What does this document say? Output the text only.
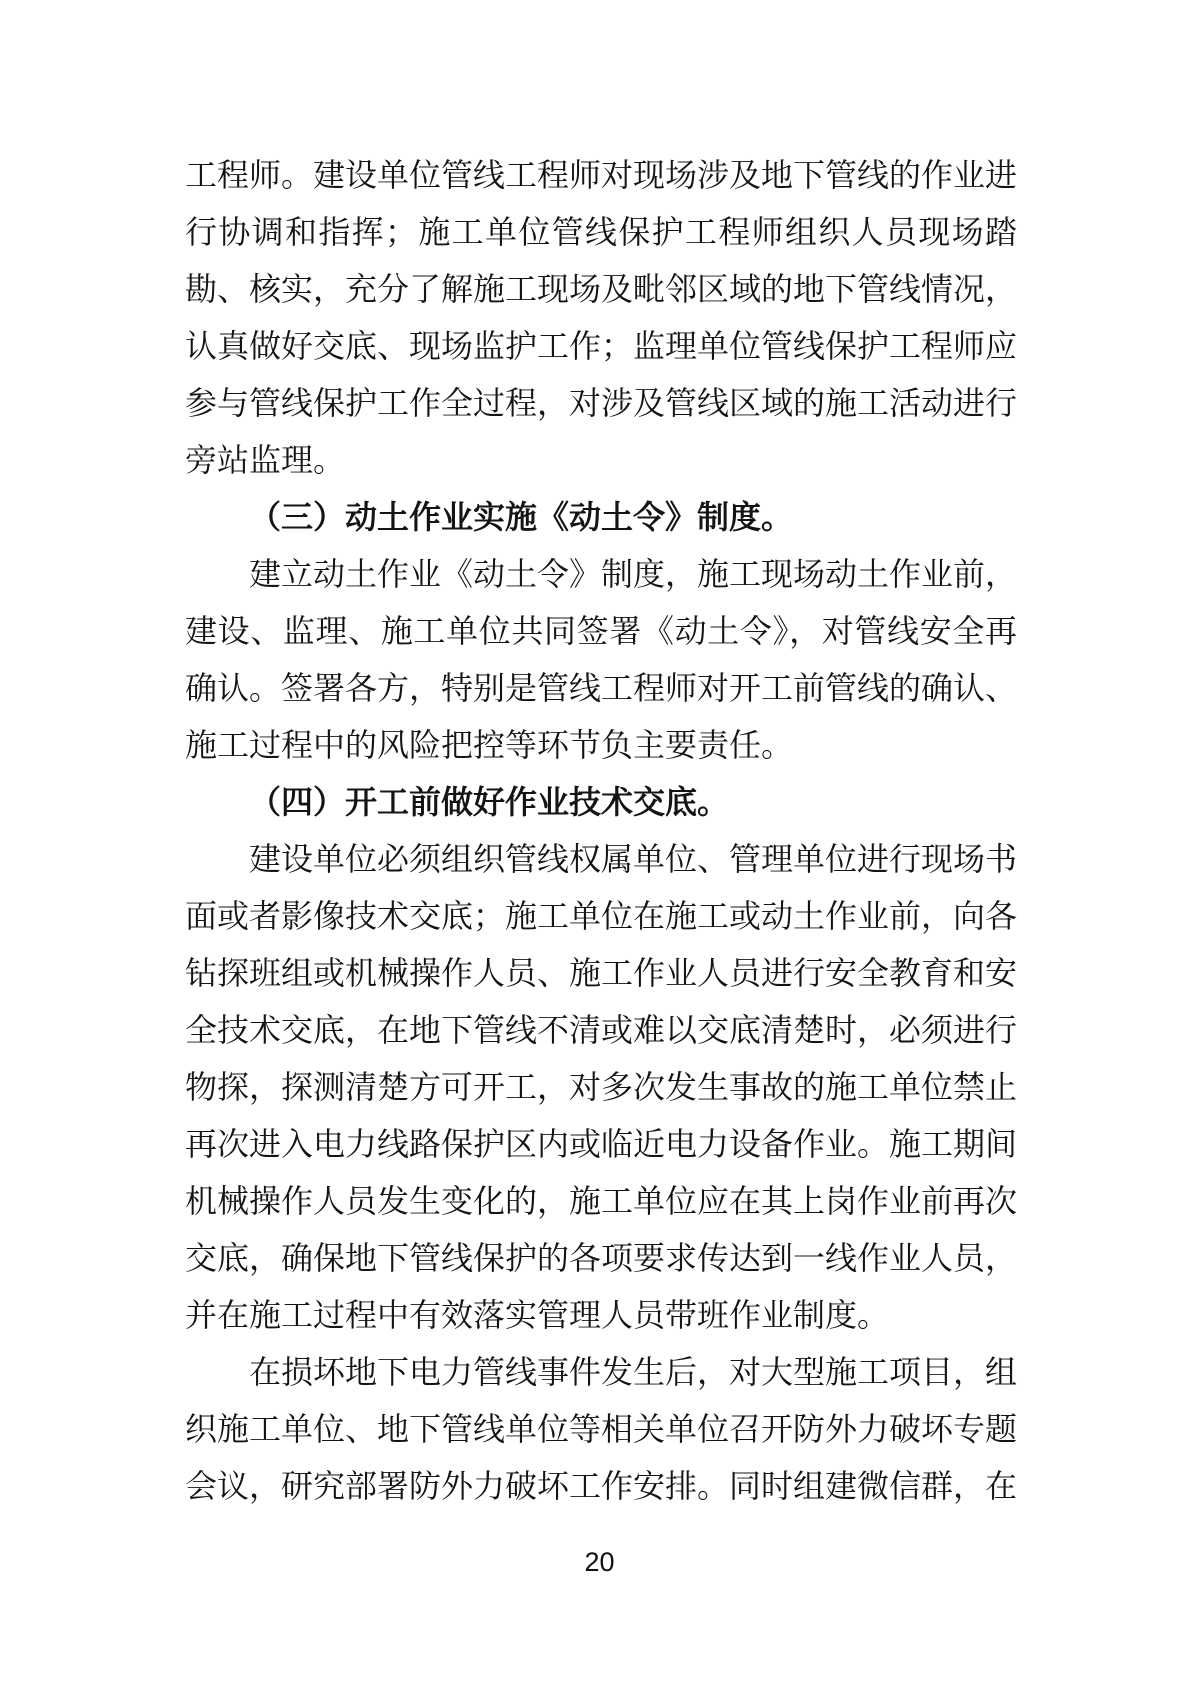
工程师。建设单位管线工程师对现场涉及地下管线的作业进行协调和指挥；施工单位管线保护工程师组织人员现场踏勘、核实，充分了解施工现场及毗邻区域的地下管线情况，认真做好交底、现场监护工作；监理单位管线保护工程师应参与管线保护工作全过程，对涉及管线区域的施工活动进行旁站监理。

（三）动土作业实施《动土令》制度。

建立动土作业《动土令》制度，施工现场动土作业前，建设、监理、施工单位共同签署《动土令》，对管线安全再确认。签署各方，特别是管线工程师对开工前管线的确认、施工过程中的风险把控等环节负主要责任。

（四）开工前做好作业技术交底。

建设单位必须组织管线权属单位、管理单位进行现场书面或者影像技术交底；施工单位在施工或动土作业前，向各钻探班组或机械操作人员、施工作业人员进行安全教育和安全技术交底，在地下管线不清或难以交底清楚时，必须进行物探，探测清楚方可开工，对多次发生事故的施工单位禁止再次进入电力线路保护区内或临近电力设备作业。施工期间机械操作人员发生变化的，施工单位应在其上岗作业前再次交底，确保地下管线保护的各项要求传达到一线作业人员，并在施工过程中有效落实管理人员带班作业制度。

在损坏地下电力管线事件发生后，对大型施工项目，组织施工单位、地下管线单位等相关单位召开防外力破坏专题会议，研究部署防外力破坏工作安排。同时组建微信群，在

20
